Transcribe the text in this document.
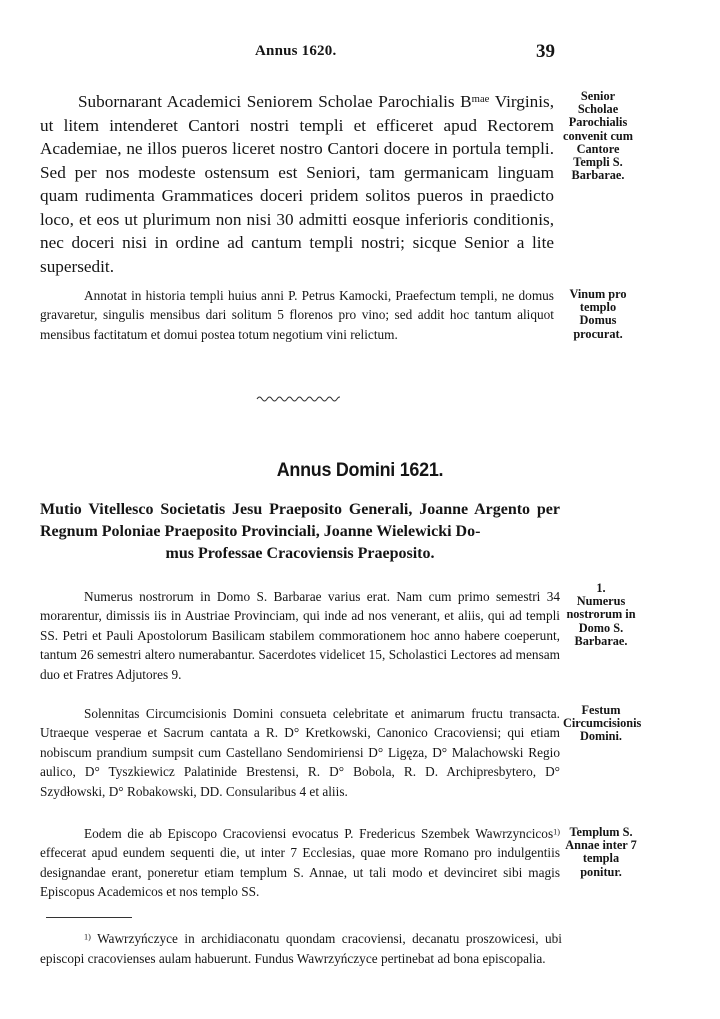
Annus 1620.	39

Subornarant Academici Seniorem Scholae Parochialis $B^{mae}$ Virginis, ut litem intenderet Cantori nostri templi et efficeret apud Rectorem Academiae, ne illos pueros liceret nostro Cantori docere in portula templi. Sed per nos modeste ostensum est Seniori, tam germanicam linguam quam rudimenta Grammatices doceri pridem solitos pueros in praedicto loco, et eos ut plurimum non nisi 30 admitti eosque inferioris conditionis, nec doceri nisi in ordine ad cantum templi nostri; sicque Senior a lite supersedit.

Senior Scholae Parochialis convenit cum Cantore Templi S. Barbarae.

Annotat in historia templi huius anni P. Petrus Kamocki, Praefectum templi, ne domus gravaretur, singulis mensibus dari solitum 5 florenos pro vino; sed addit hoc tantum aliquot mensibus factitatum et domui postea totum negotium vini relictum.

Vinum pro templo Domus procurat.
Annus Domini 1621.

Mutio Vitellesco Societatis Jesu Praeposito Generali, Joanne Argento per Regnum Poloniae Praeposito Provinciali, Joanne Wielewicki Do-
mus Professae Cracoviensis Praeposito.

Numerus nostrorum in Domo S. Barbarae varius erat. Nam cum primo semestri 34 morarentur, dimissis iis in Austriae Provinciam, qui inde ad nos venerant, et aliis, qui ad templi SS. Petri et Pauli Apostolorum Basilicam stabilem commorationem hoc anno habere coeperunt, tantum 26 semestri altero numerabantur. Sacerdotes videlicet 15, Scholastici Lectores ad mensam duo et Fratres Adjutores 9.

1.
Numerus nostrorum in Domo S. Barbarae.

Solennitas Circumcisionis Domini consueta celebritate et animarum fructu transacta. Utraeque vesperae et Sacrum cantata a R. D° Kretkowski, Canonico Cracoviensi; qui etiam nobiscum prandium sumpsit cum Castellano Sendomiriensi D° Ligęza, D° Malachowski Regio aulico, D° Tyszkiewicz Palatinide Brestensi, R. D° Bobola, R. D. Archipresbytero, D° Szydłowski, D° Robakowski, DD. Consularibus 4 et aliis.

Festum Circumcisionis Domini.

Eodem die ab Episcopo Cracoviensi evocatus P. Fredericus Szembek Wawrzyncicos$^{1)}$ effecerat apud eundem sequenti die, ut inter 7 Ecclesias, quae more Romano pro indulgentiis designandae erant, poneretur etiam templum S. Annae, ut tali modo et devinciret sibi magis Episcopus Academicos et nos templo SS.

Templum S. Annae inter 7 templa ponitur.

$^{1)}$ Wawrzyńczyce in archidiaconatu quondam cracoviensi, decanatu proszowicesi, ubi episcopi cracovienses aulam habuerunt. Fundus Wawrzyńczyce pertinebat ad bona episcopalia.
